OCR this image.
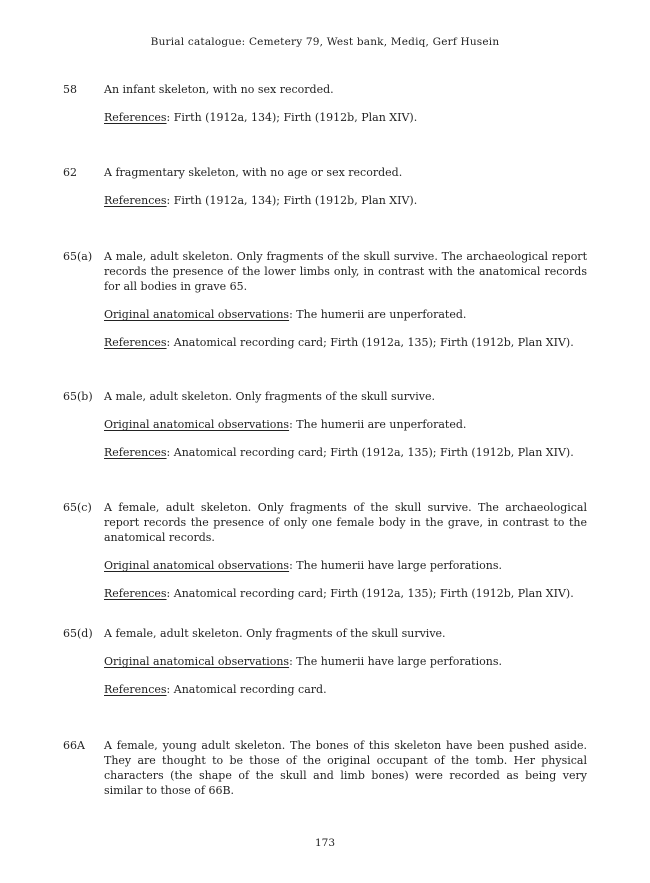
Burial catalogue: Cemetery 79, West bank, Mediq, Gerf Husein
58 An infant skeleton, with no sex recorded.

References: Firth (1912a, 134); Firth (1912b, Plan XIV).

62 A fragmentary skeleton, with no age or sex recorded.

References: Firth (1912a, 134); Firth (1912b, Plan XIV).

65(a) A male, adult skeleton. Only fragments of the skull survive. The archaeological report records the presence of the lower limbs only, in contrast with the anatomical records for all bodies in grave 65.

Original anatomical observations: The humerii are unperforated.

References: Anatomical recording card; Firth (1912a, 135); Firth (1912b, Plan XIV).

65(b) A male, adult skeleton. Only fragments of the skull survive.

Original anatomical observations: The humerii are unperforated.

References: Anatomical recording card; Firth (1912a, 135); Firth (1912b, Plan XIV).

65(c) A female, adult skeleton. Only fragments of the skull survive. The archaeological report records the presence of only one female body in the grave, in contrast to the anatomical records.

Original anatomical observations: The humerii have large perforations.

References: Anatomical recording card; Firth (1912a, 135); Firth (1912b, Plan XIV).

65(d) A female, adult skeleton. Only fragments of the skull survive.

Original anatomical observations: The humerii have large perforations.

References: Anatomical recording card.

66A A female, young adult skeleton. The bones of this skeleton have been pushed aside. They are thought to be those of the original occupant of the tomb. Her physical characters (the shape of the skull and limb bones) were recorded as being very similar to those of 66B.

173
